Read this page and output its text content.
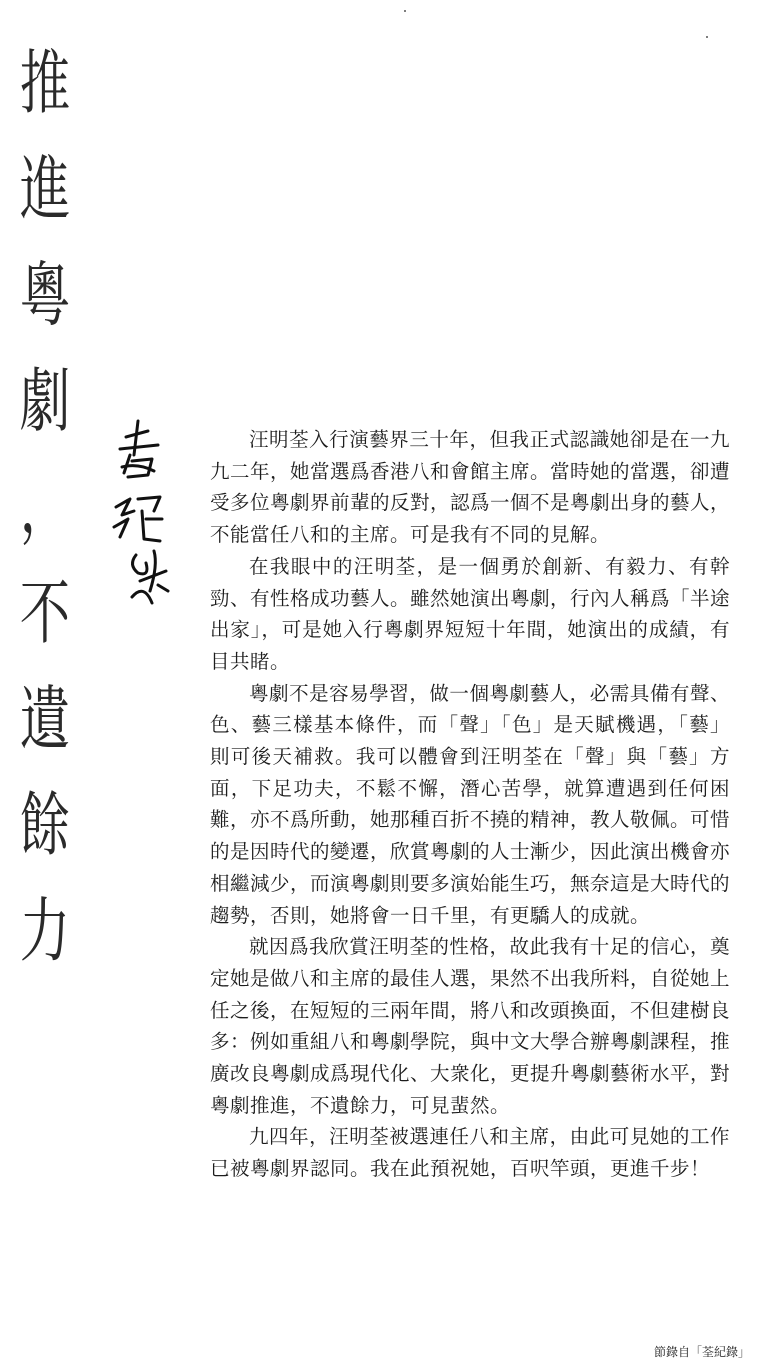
推
進
粵
劇
，
不
遺
餘
力

汪明荃入行演藝界三十年，但我正式認識她卻是在一九九二年，她當選爲香港八和會館主席。當時她的當選，卻遭受多位粵劇界前輩的反對，認爲一個不是粵劇出身的藝人，不能當任八和的主席。可是我有不同的見解。

在我眼中的汪明荃，是一個勇於創新、有毅力、有幹勁、有性格成功藝人。雖然她演出粵劇，行內人稱爲「半途出家」，可是她入行粵劇界短短十年間，她演出的成績，有目共睹。

粵劇不是容易學習，做一個粵劇藝人，必需具備有聲、色、藝三樣基本條件，而「聲」「色」是天賦機遇，「藝」則可後天補救。我可以體會到汪明荃在「聲」與「藝」方面，下足功夫，不鬆不懈，潛心苦學，就算遭遇到任何困難，亦不爲所動，她那種百折不撓的精神，教人敬佩。可惜的是因時代的變遷，欣賞粵劇的人士漸少，因此演出機會亦相繼減少，而演粵劇則要多演始能生巧，無奈這是大時代的趨勢，否則，她將會一日千里，有更驕人的成就。

就因爲我欣賞汪明荃的性格，故此我有十足的信心，奠定她是做八和主席的最佳人選，果然不出我所料，自從她上任之後，在短短的三兩年間，將八和改頭換面，不但建樹良多：例如重組八和粵劇學院，與中文大學合辦粵劇課程，推廣改良粵劇成爲現代化、大衆化，更提升粵劇藝術水平，對粵劇推進，不遺餘力，可見蜚然。

九四年，汪明荃被選連任八和主席，由此可見她的工作已被粵劇界認同。我在此預祝她，百呎竿頭，更進千步！

節錄自「荃紀錄」
